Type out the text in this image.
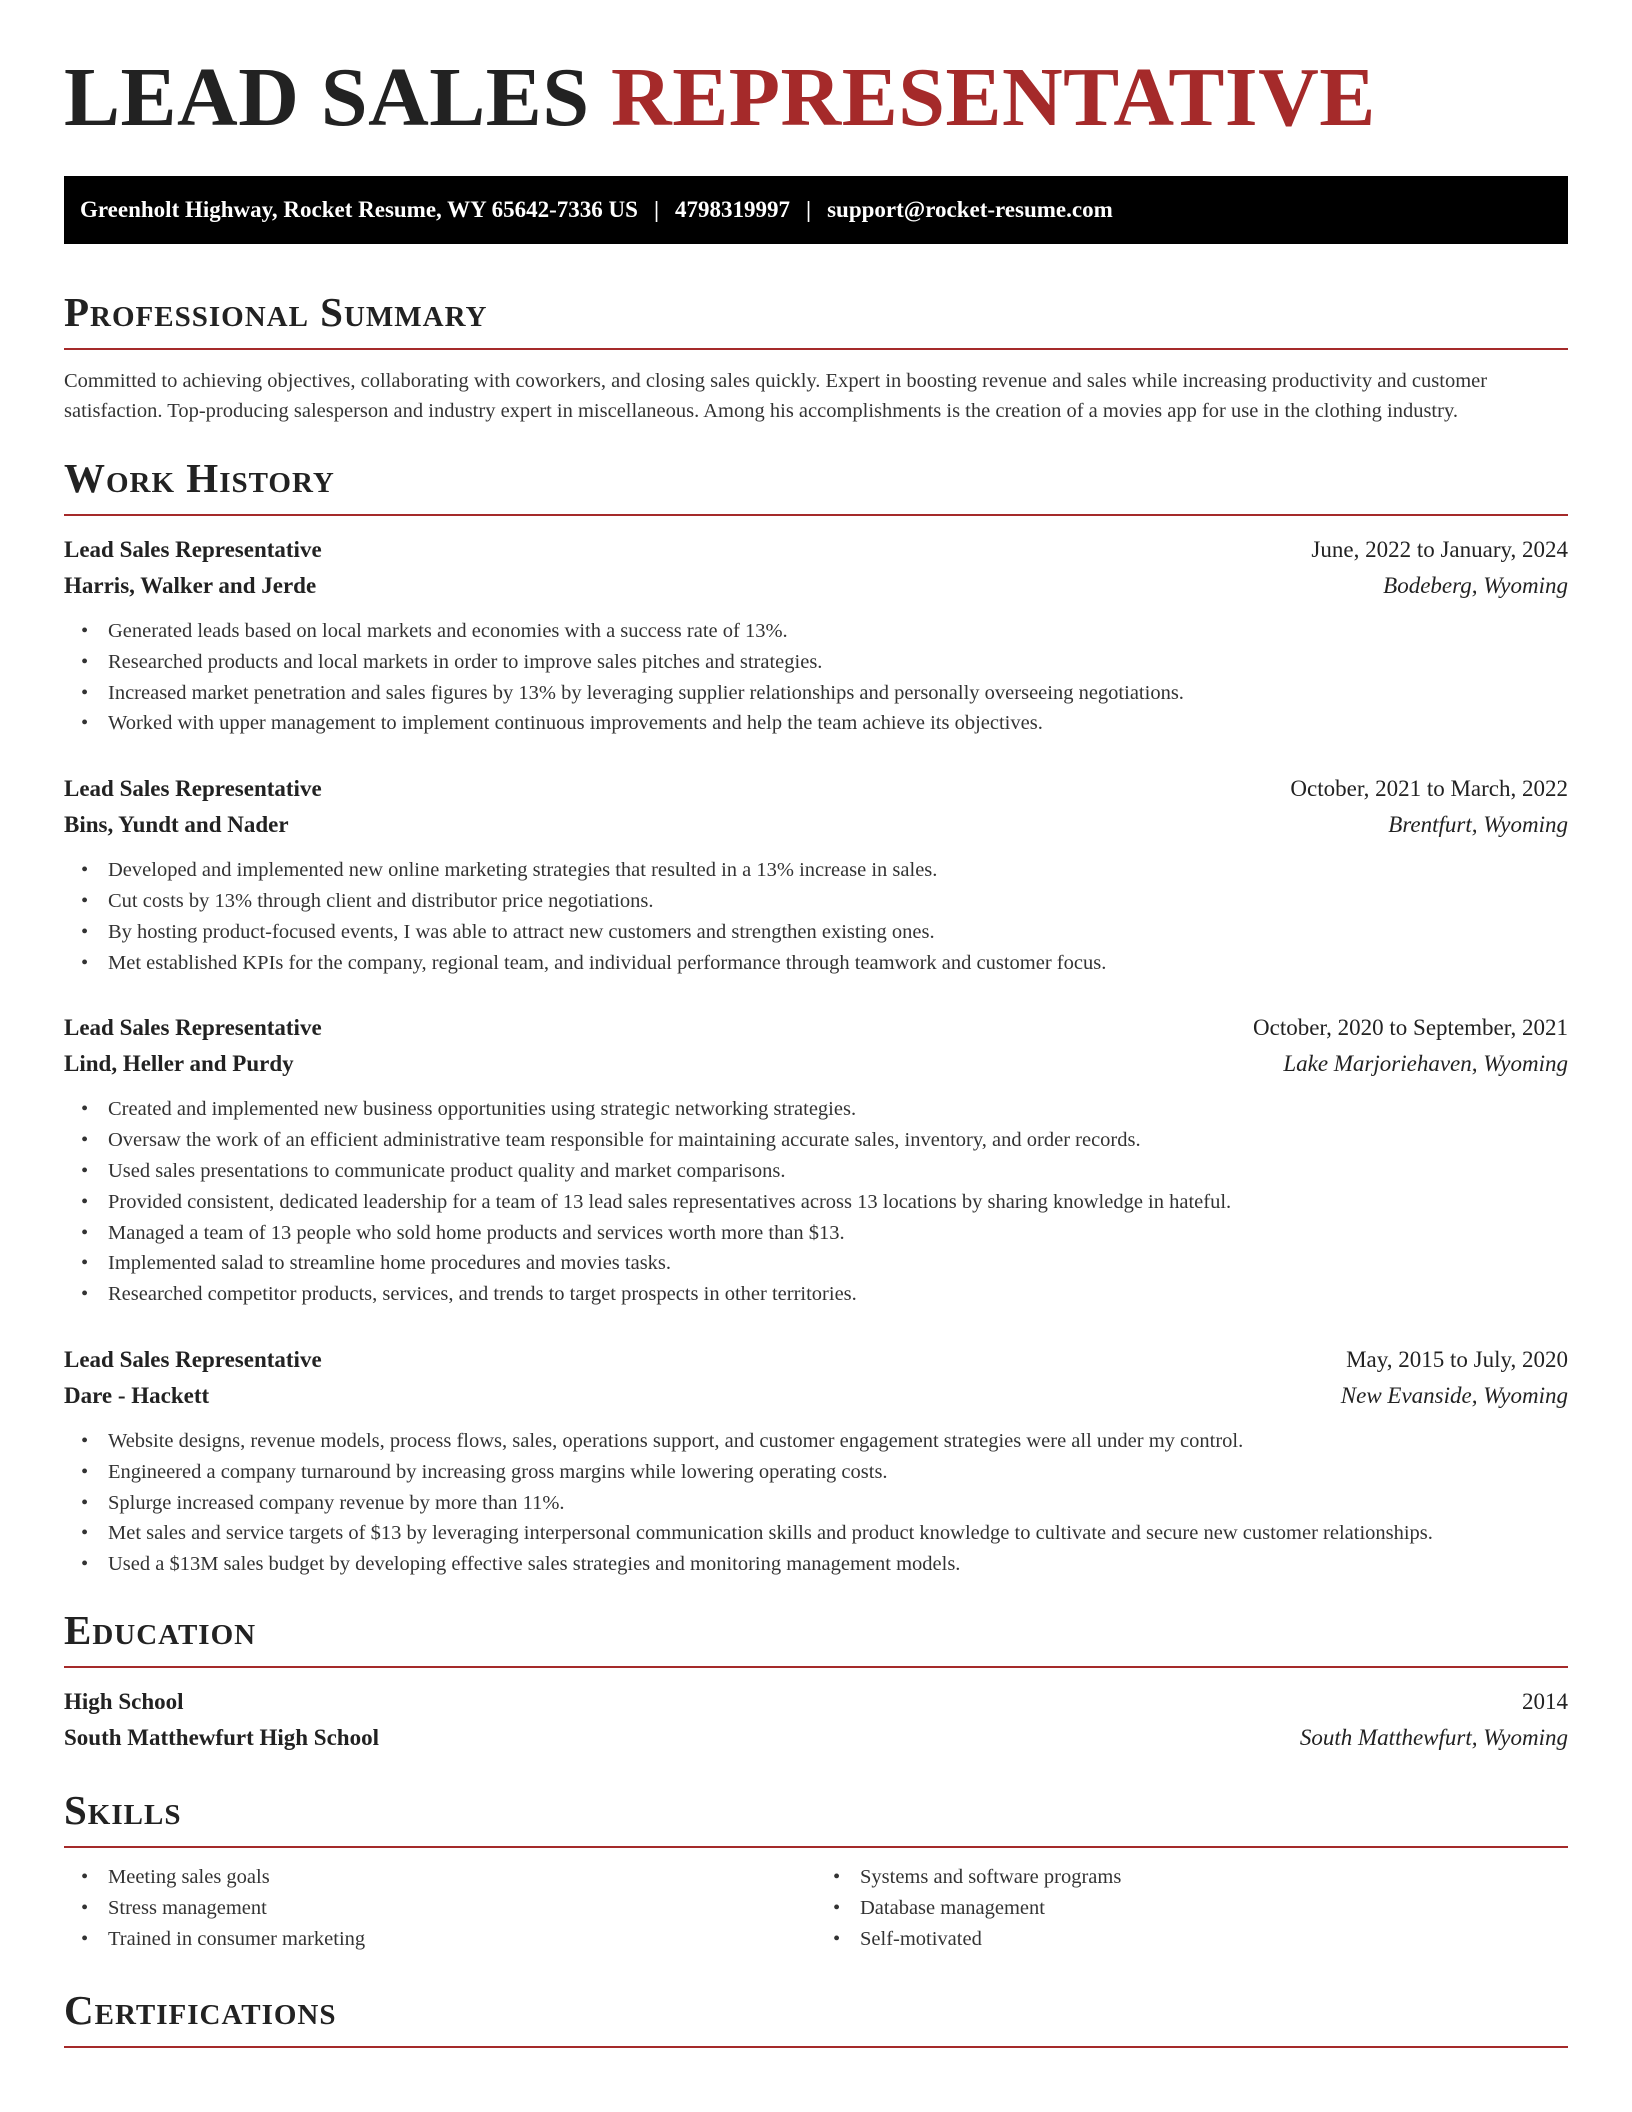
LEAD SALES REPRESENTATIVE
Greenholt Highway, Rocket Resume, WY 65642-7336 US | 4798319997 | support@rocket-resume.com
Professional Summary

Committed to achieving objectives, collaborating with coworkers, and closing sales quickly. Expert in boosting revenue and sales while increasing productivity and customer satisfaction. Top-producing salesperson and industry expert in miscellaneous. Among his accomplishments is the creation of a movies app for use in the clothing industry.

Work History
Lead Sales Representative	June, 2022 to January, 2024
Harris, Walker and Jerde	Bodeberg, Wyoming
• Generated leads based on local markets and economies with a success rate of 13%.
• Researched products and local markets in order to improve sales pitches and strategies.
• Increased market penetration and sales figures by 13% by leveraging supplier relationships and personally overseeing negotiations.
• Worked with upper management to implement continuous improvements and help the team achieve its objectives.
Lead Sales Representative	October, 2021 to March, 2022
Bins, Yundt and Nader	Brentfurt, Wyoming
• Developed and implemented new online marketing strategies that resulted in a 13% increase in sales.
• Cut costs by 13% through client and distributor price negotiations.
• By hosting product-focused events, I was able to attract new customers and strengthen existing ones.
• Met established KPIs for the company, regional team, and individual performance through teamwork and customer focus.
Lead Sales Representative	October, 2020 to September, 2021
Lind, Heller and Purdy	Lake Marjoriehaven, Wyoming
• Created and implemented new business opportunities using strategic networking strategies.
• Oversaw the work of an efficient administrative team responsible for maintaining accurate sales, inventory, and order records.
• Used sales presentations to communicate product quality and market comparisons.
• Provided consistent, dedicated leadership for a team of 13 lead sales representatives across 13 locations by sharing knowledge in hateful.
• Managed a team of 13 people who sold home products and services worth more than $13.
• Implemented salad to streamline home procedures and movies tasks.
• Researched competitor products, services, and trends to target prospects in other territories.
Lead Sales Representative	May, 2015 to July, 2020
Dare - Hackett	New Evanside, Wyoming
• Website designs, revenue models, process flows, sales, operations support, and customer engagement strategies were all under my control.
• Engineered a company turnaround by increasing gross margins while lowering operating costs.
• Splurge increased company revenue by more than 11%.
• Met sales and service targets of $13 by leveraging interpersonal communication skills and product knowledge to cultivate and secure new customer relationships.
• Used a $13M sales budget by developing effective sales strategies and monitoring management models.
Education
High School	2014
South Matthewfurt High School	South Matthewfurt, Wyoming
Skills
• Meeting sales goals
• Stress management
• Trained in consumer marketing
• Systems and software programs
• Database management
• Self-motivated
Certifications
